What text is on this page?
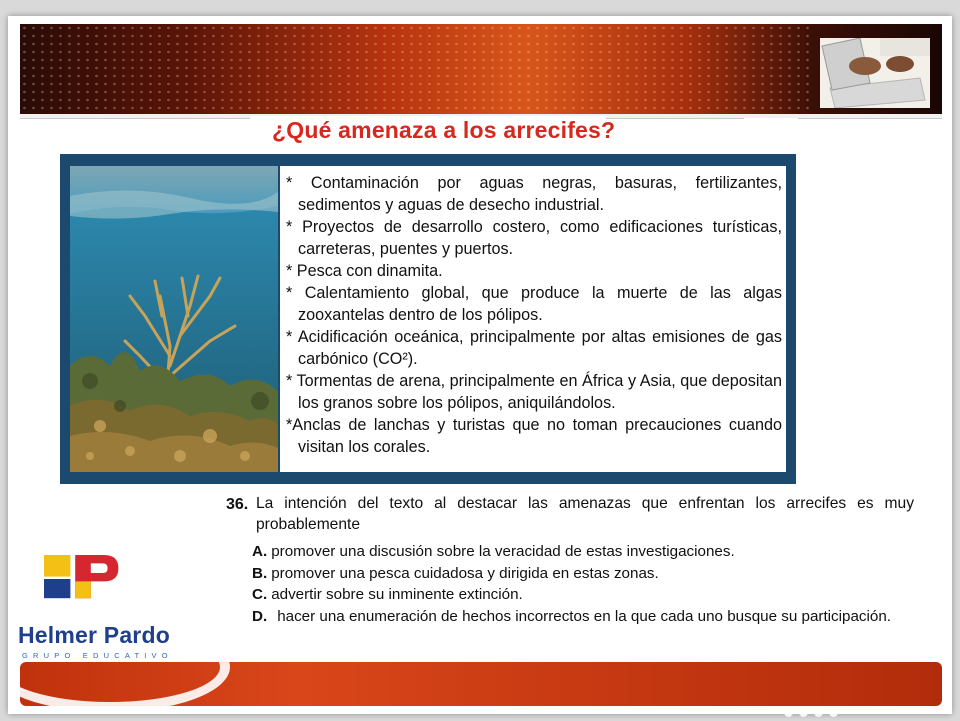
¿Qué amenaza a los arrecifes?
* Contaminación por aguas negras, basuras, fertilizantes, sedimentos y aguas de desecho industrial.
* Proyectos de desarrollo costero, como edificaciones turísticas, carreteras, puentes y puertos.
* Pesca con dinamita.
* Calentamiento global, que produce la muerte de las algas zooxantelas dentro de los pólipos.
* Acidificación oceánica, principalmente por altas emisiones de gas carbónico (CO²).
* Tormentas de arena, principalmente en África y Asia, que depositan los granos sobre los pólipos, aniquilándolos.
*Anclas de lanchas y turistas que no toman precauciones cuando visitan los corales.
36. La intención del texto al destacar las amenazas que enfrentan los arrecifes es muy probablemente
A. promover una discusión sobre la veracidad de estas investigaciones.
B. promover una pesca cuidadosa y dirigida en estas zonas.
C. advertir sobre su inminente extinción.
D. hacer una enumeración de hechos incorrectos en la que cada uno busque su participación.
Helmer Pardo
GRUPO EDUCATIVO
